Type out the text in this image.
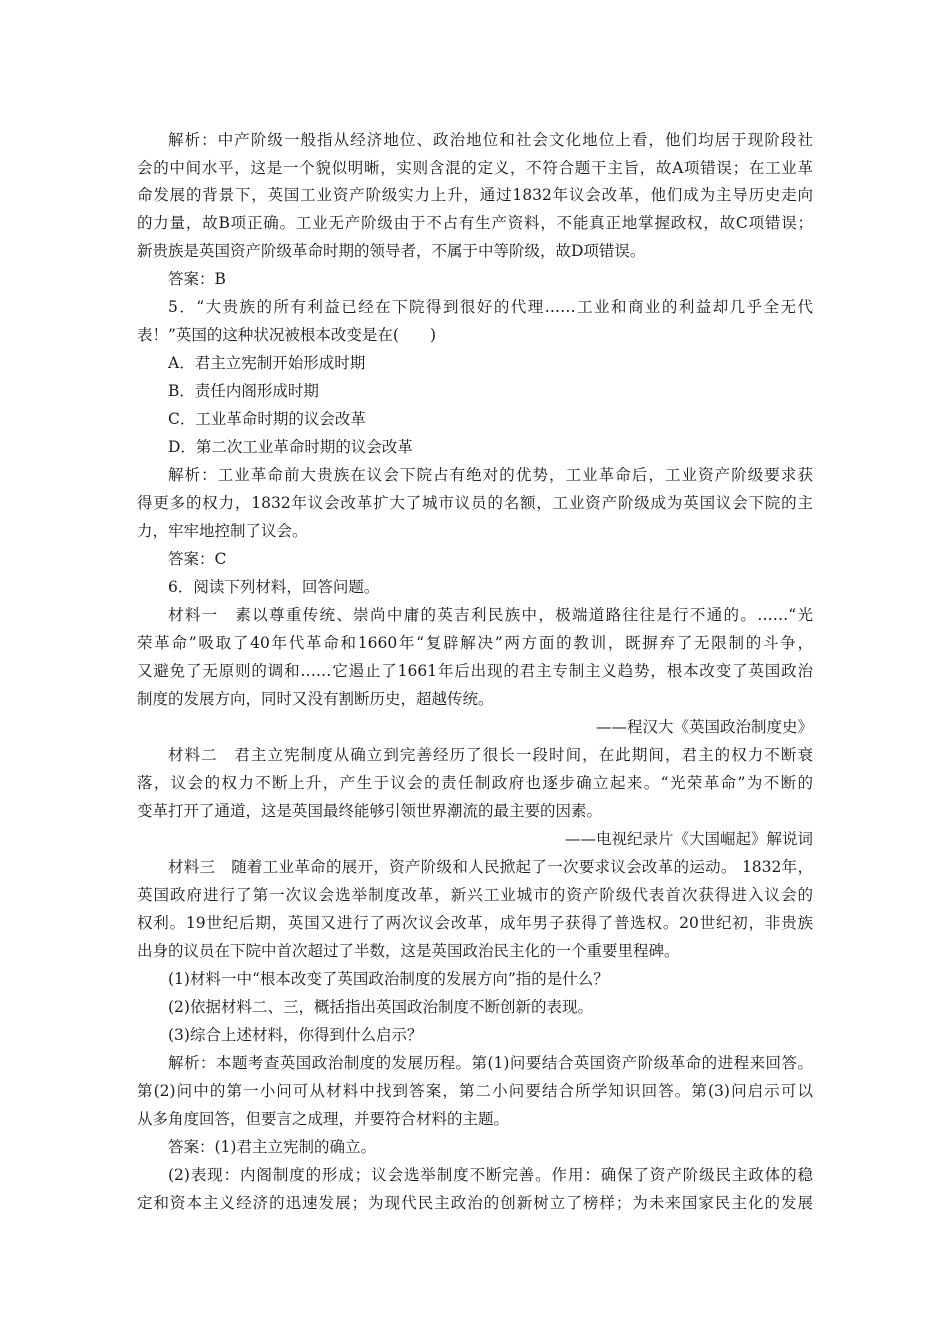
解析：中产阶级一般指从经济地位、政治地位和社会文化地位上看，他们均居于现阶段社
会的中间水平，这是一个貌似明晰，实则含混的定义，不符合题干主旨，故A项错误；在工业革
命发展的背景下，英国工业资产阶级实力上升，通过1832年议会改革，他们成为主导历史走向
的力量，故B项正确。工业无产阶级由于不占有生产资料，不能真正地掌握政权，故C项错误；
新贵族是英国资产阶级革命时期的领导者，不属于中等阶级，故D项错误。
答案：B
5．“大贵族的所有利益已经在下院得到很好的代理……工业和商业的利益却几乎全无代
表！”英国的这种状况被根本改变是在(　　)
A．君主立宪制开始形成时期
B．责任内阁形成时期
C．工业革命时期的议会改革
D．第二次工业革命时期的议会改革
解析：工业革命前大贵族在议会下院占有绝对的优势，工业革命后，工业资产阶级要求获
得更多的权力，1832年议会改革扩大了城市议员的名额，工业资产阶级成为英国议会下院的主
力，牢牢地控制了议会。
答案：C
6．阅读下列材料，回答问题。
材料一　素以尊重传统、崇尚中庸的英吉利民族中，极端道路往往是行不通的。……“光
荣革命”吸取了40年代革命和1660年“复辟解决”两方面的教训，既摒弃了无限制的斗争，
又避免了无原则的调和……它遏止了1661年后出现的君主专制主义趋势，根本改变了英国政治
制度的发展方向，同时又没有割断历史，超越传统。
——程汉大《英国政治制度史》
材料二　君主立宪制度从确立到完善经历了很长一段时间，在此期间，君主的权力不断衰
落，议会的权力不断上升，产生于议会的责任制政府也逐步确立起来。“光荣革命”为不断的
变革打开了通道，这是英国最终能够引领世界潮流的最主要的因素。
——电视纪录片《大国崛起》解说词
材料三　随着工业革命的展开，资产阶级和人民掀起了一次要求议会改革的运动。 1832年，
英国政府进行了第一次议会选举制度改革，新兴工业城市的资产阶级代表首次获得进入议会的
权利。19世纪后期，英国又进行了两次议会改革，成年男子获得了普选权。20世纪初，非贵族
出身的议员在下院中首次超过了半数，这是英国政治民主化的一个重要里程碑。
(1)材料一中“根本改变了英国政治制度的发展方向”指的是什么？
(2)依据材料二、三，概括指出英国政治制度不断创新的表现。
(3)综合上述材料，你得到什么启示？
解析：本题考查英国政治制度的发展历程。第(1)问要结合英国资产阶级革命的进程来回答。
第(2)问中的第一小问可从材料中找到答案，第二小问要结合所学知识回答。第(3)问启示可以
从多角度回答，但要言之成理，并要符合材料的主题。
答案：(1)君主立宪制的确立。
(2)表现：内阁制度的形成；议会选举制度不断完善。作用：确保了资产阶级民主政体的稳
定和资本主义经济的迅速发展；为现代民主政治的创新树立了榜样；为未来国家民主化的发展
